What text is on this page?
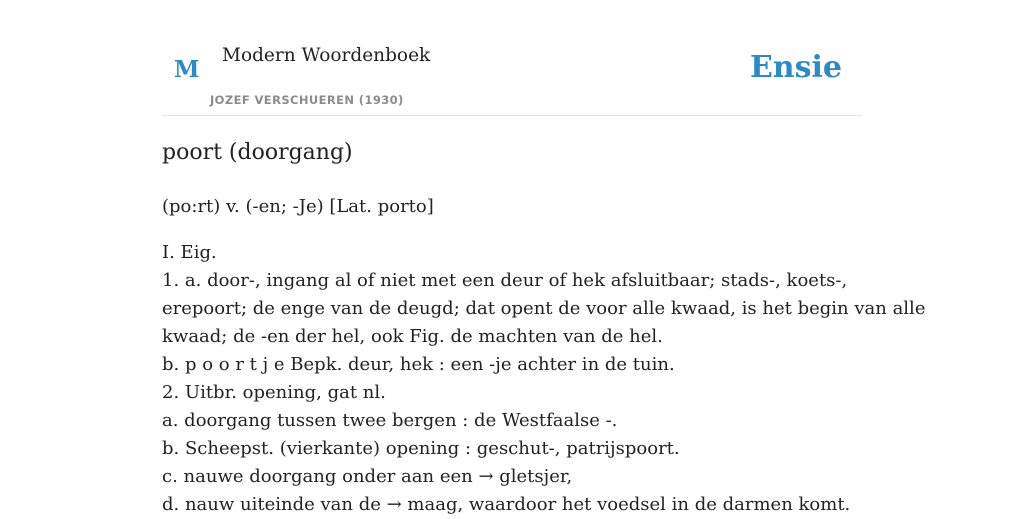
M
Modern Woordenboek
JOZEF VERSCHUEREN (1930)
Ensie
poort (doorgang)
(po:rt) v. (-en; -Je) [Lat. porto]
I. Eig.
1. a. door-, ingang al of niet met een deur of hek afsluitbaar; stads-, koets-,
erepoort; de enge van de deugd; dat opent de voor alle kwaad, is het begin van alle
kwaad; de -en der hel, ook Fig. de machten van de hel.
b. p o o r t j e Bepk. deur, hek : een -je achter in de tuin.
2. Uitbr. opening, gat nl.
a. doorgang tussen twee bergen : de Westfaalse -.
b. Scheepst. (vierkante) opening : geschut-, patrijspoort.
c. nauwe doorgang onder aan een → gletsjer,
d. nauw uiteinde van de → maag, waardoor het voedsel in de darmen komt.
